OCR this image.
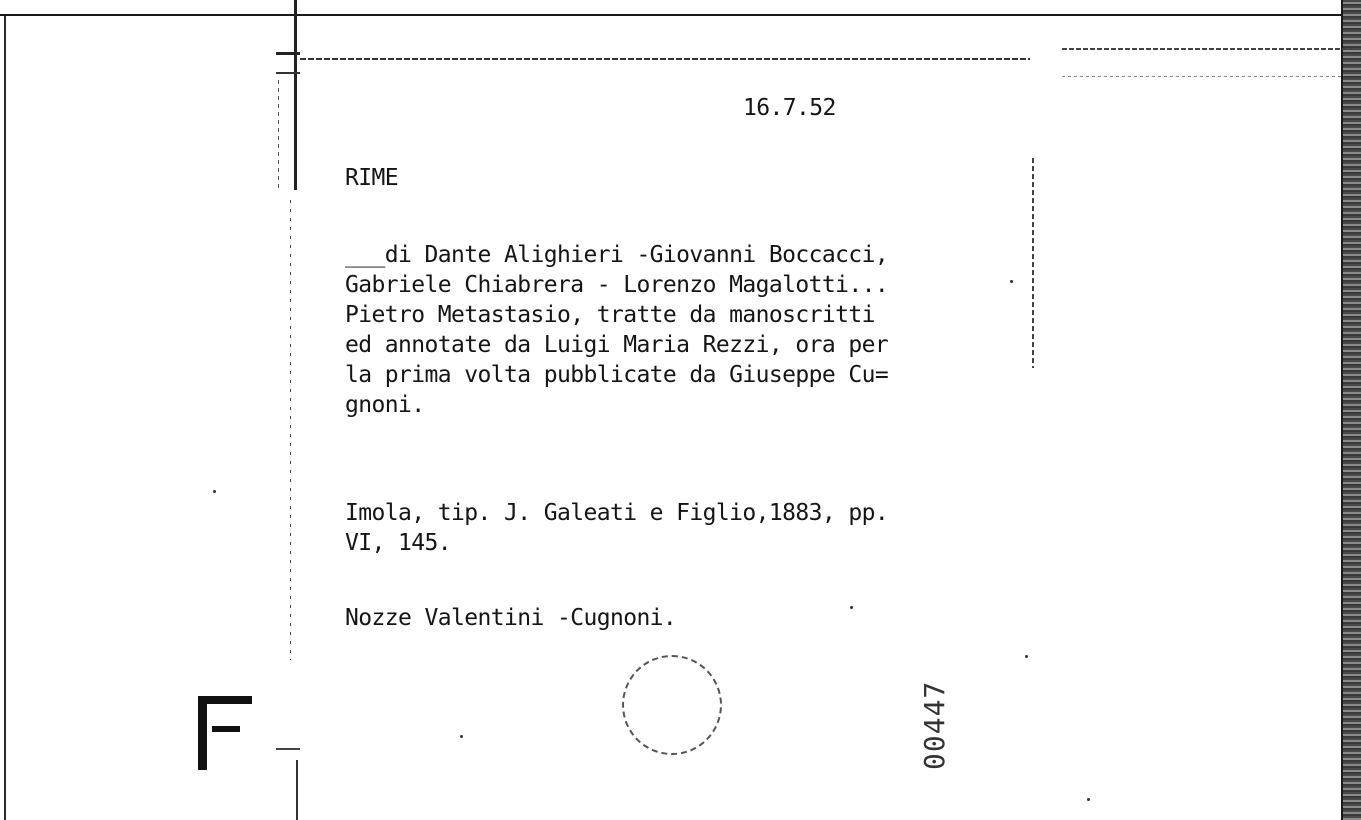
16.7.52

RIME

___di Dante Alighieri -Giovanni Boccacci,
Gabriele Chiabrera - Lorenzo Magalotti...
Pietro Metastasio, tratte da manoscritti
ed annotate da Luigi Maria Rezzi, ora per
la prima volta pubblicate da Giuseppe Cu=
gnoni.
Imola, tip. J. Galeati e Figlio,1883, pp.
VI, 145.

Nozze Valentini -Cugnoni.

00447
